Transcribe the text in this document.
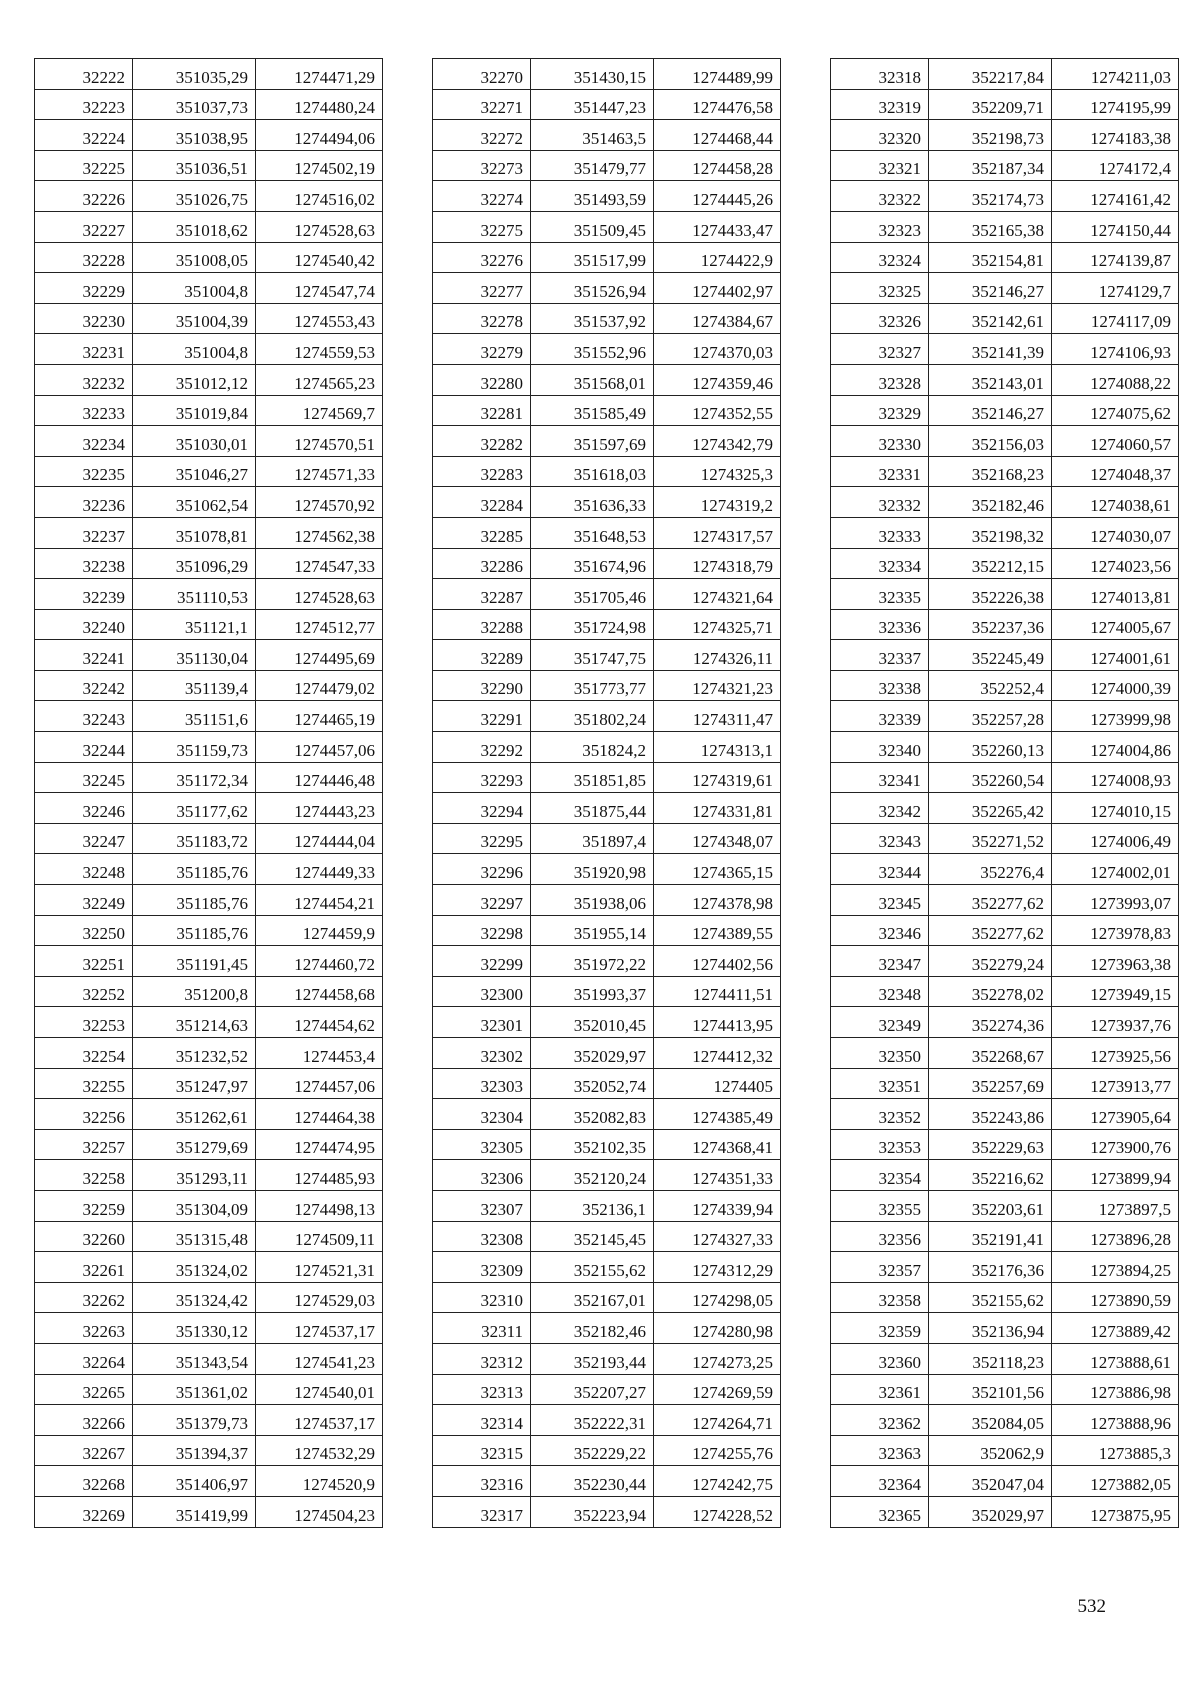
32222	351035,29	1274471,29
32223	351037,73	1274480,24
32224	351038,95	1274494,06
32225	351036,51	1274502,19
32226	351026,75	1274516,02
32227	351018,62	1274528,63
32228	351008,05	1274540,42
32229	351004,8	1274547,74
32230	351004,39	1274553,43
32231	351004,8	1274559,53
32232	351012,12	1274565,23
32233	351019,84	1274569,7
32234	351030,01	1274570,51
32235	351046,27	1274571,33
32236	351062,54	1274570,92
32237	351078,81	1274562,38
32238	351096,29	1274547,33
32239	351110,53	1274528,63
32240	351121,1	1274512,77
32241	351130,04	1274495,69
32242	351139,4	1274479,02
32243	351151,6	1274465,19
32244	351159,73	1274457,06
32245	351172,34	1274446,48
32246	351177,62	1274443,23
32247	351183,72	1274444,04
32248	351185,76	1274449,33
32249	351185,76	1274454,21
32250	351185,76	1274459,9
32251	351191,45	1274460,72
32252	351200,8	1274458,68
32253	351214,63	1274454,62
32254	351232,52	1274453,4
32255	351247,97	1274457,06
32256	351262,61	1274464,38
32257	351279,69	1274474,95
32258	351293,11	1274485,93
32259	351304,09	1274498,13
32260	351315,48	1274509,11
32261	351324,02	1274521,31
32262	351324,42	1274529,03
32263	351330,12	1274537,17
32264	351343,54	1274541,23
32265	351361,02	1274540,01
32266	351379,73	1274537,17
32267	351394,37	1274532,29
32268	351406,97	1274520,9
32269	351419,99	1274504,23
32270	351430,15	1274489,99
32271	351447,23	1274476,58
32272	351463,5	1274468,44
32273	351479,77	1274458,28
32274	351493,59	1274445,26
32275	351509,45	1274433,47
32276	351517,99	1274422,9
32277	351526,94	1274402,97
32278	351537,92	1274384,67
32279	351552,96	1274370,03
32280	351568,01	1274359,46
32281	351585,49	1274352,55
32282	351597,69	1274342,79
32283	351618,03	1274325,3
32284	351636,33	1274319,2
32285	351648,53	1274317,57
32286	351674,96	1274318,79
32287	351705,46	1274321,64
32288	351724,98	1274325,71
32289	351747,75	1274326,11
32290	351773,77	1274321,23
32291	351802,24	1274311,47
32292	351824,2	1274313,1
32293	351851,85	1274319,61
32294	351875,44	1274331,81
32295	351897,4	1274348,07
32296	351920,98	1274365,15
32297	351938,06	1274378,98
32298	351955,14	1274389,55
32299	351972,22	1274402,56
32300	351993,37	1274411,51
32301	352010,45	1274413,95
32302	352029,97	1274412,32
32303	352052,74	1274405
32304	352082,83	1274385,49
32305	352102,35	1274368,41
32306	352120,24	1274351,33
32307	352136,1	1274339,94
32308	352145,45	1274327,33
32309	352155,62	1274312,29
32310	352167,01	1274298,05
32311	352182,46	1274280,98
32312	352193,44	1274273,25
32313	352207,27	1274269,59
32314	352222,31	1274264,71
32315	352229,22	1274255,76
32316	352230,44	1274242,75
32317	352223,94	1274228,52
32318	352217,84	1274211,03
32319	352209,71	1274195,99
32320	352198,73	1274183,38
32321	352187,34	1274172,4
32322	352174,73	1274161,42
32323	352165,38	1274150,44
32324	352154,81	1274139,87
32325	352146,27	1274129,7
32326	352142,61	1274117,09
32327	352141,39	1274106,93
32328	352143,01	1274088,22
32329	352146,27	1274075,62
32330	352156,03	1274060,57
32331	352168,23	1274048,37
32332	352182,46	1274038,61
32333	352198,32	1274030,07
32334	352212,15	1274023,56
32335	352226,38	1274013,81
32336	352237,36	1274005,67
32337	352245,49	1274001,61
32338	352252,4	1274000,39
32339	352257,28	1273999,98
32340	352260,13	1274004,86
32341	352260,54	1274008,93
32342	352265,42	1274010,15
32343	352271,52	1274006,49
32344	352276,4	1274002,01
32345	352277,62	1273993,07
32346	352277,62	1273978,83
32347	352279,24	1273963,38
32348	352278,02	1273949,15
32349	352274,36	1273937,76
32350	352268,67	1273925,56
32351	352257,69	1273913,77
32352	352243,86	1273905,64
32353	352229,63	1273900,76
32354	352216,62	1273899,94
32355	352203,61	1273897,5
32356	352191,41	1273896,28
32357	352176,36	1273894,25
32358	352155,62	1273890,59
32359	352136,94	1273889,42
32360	352118,23	1273888,61
32361	352101,56	1273886,98
32362	352084,05	1273888,96
32363	352062,9	1273885,3
32364	352047,04	1273882,05
32365	352029,97	1273875,95
532
